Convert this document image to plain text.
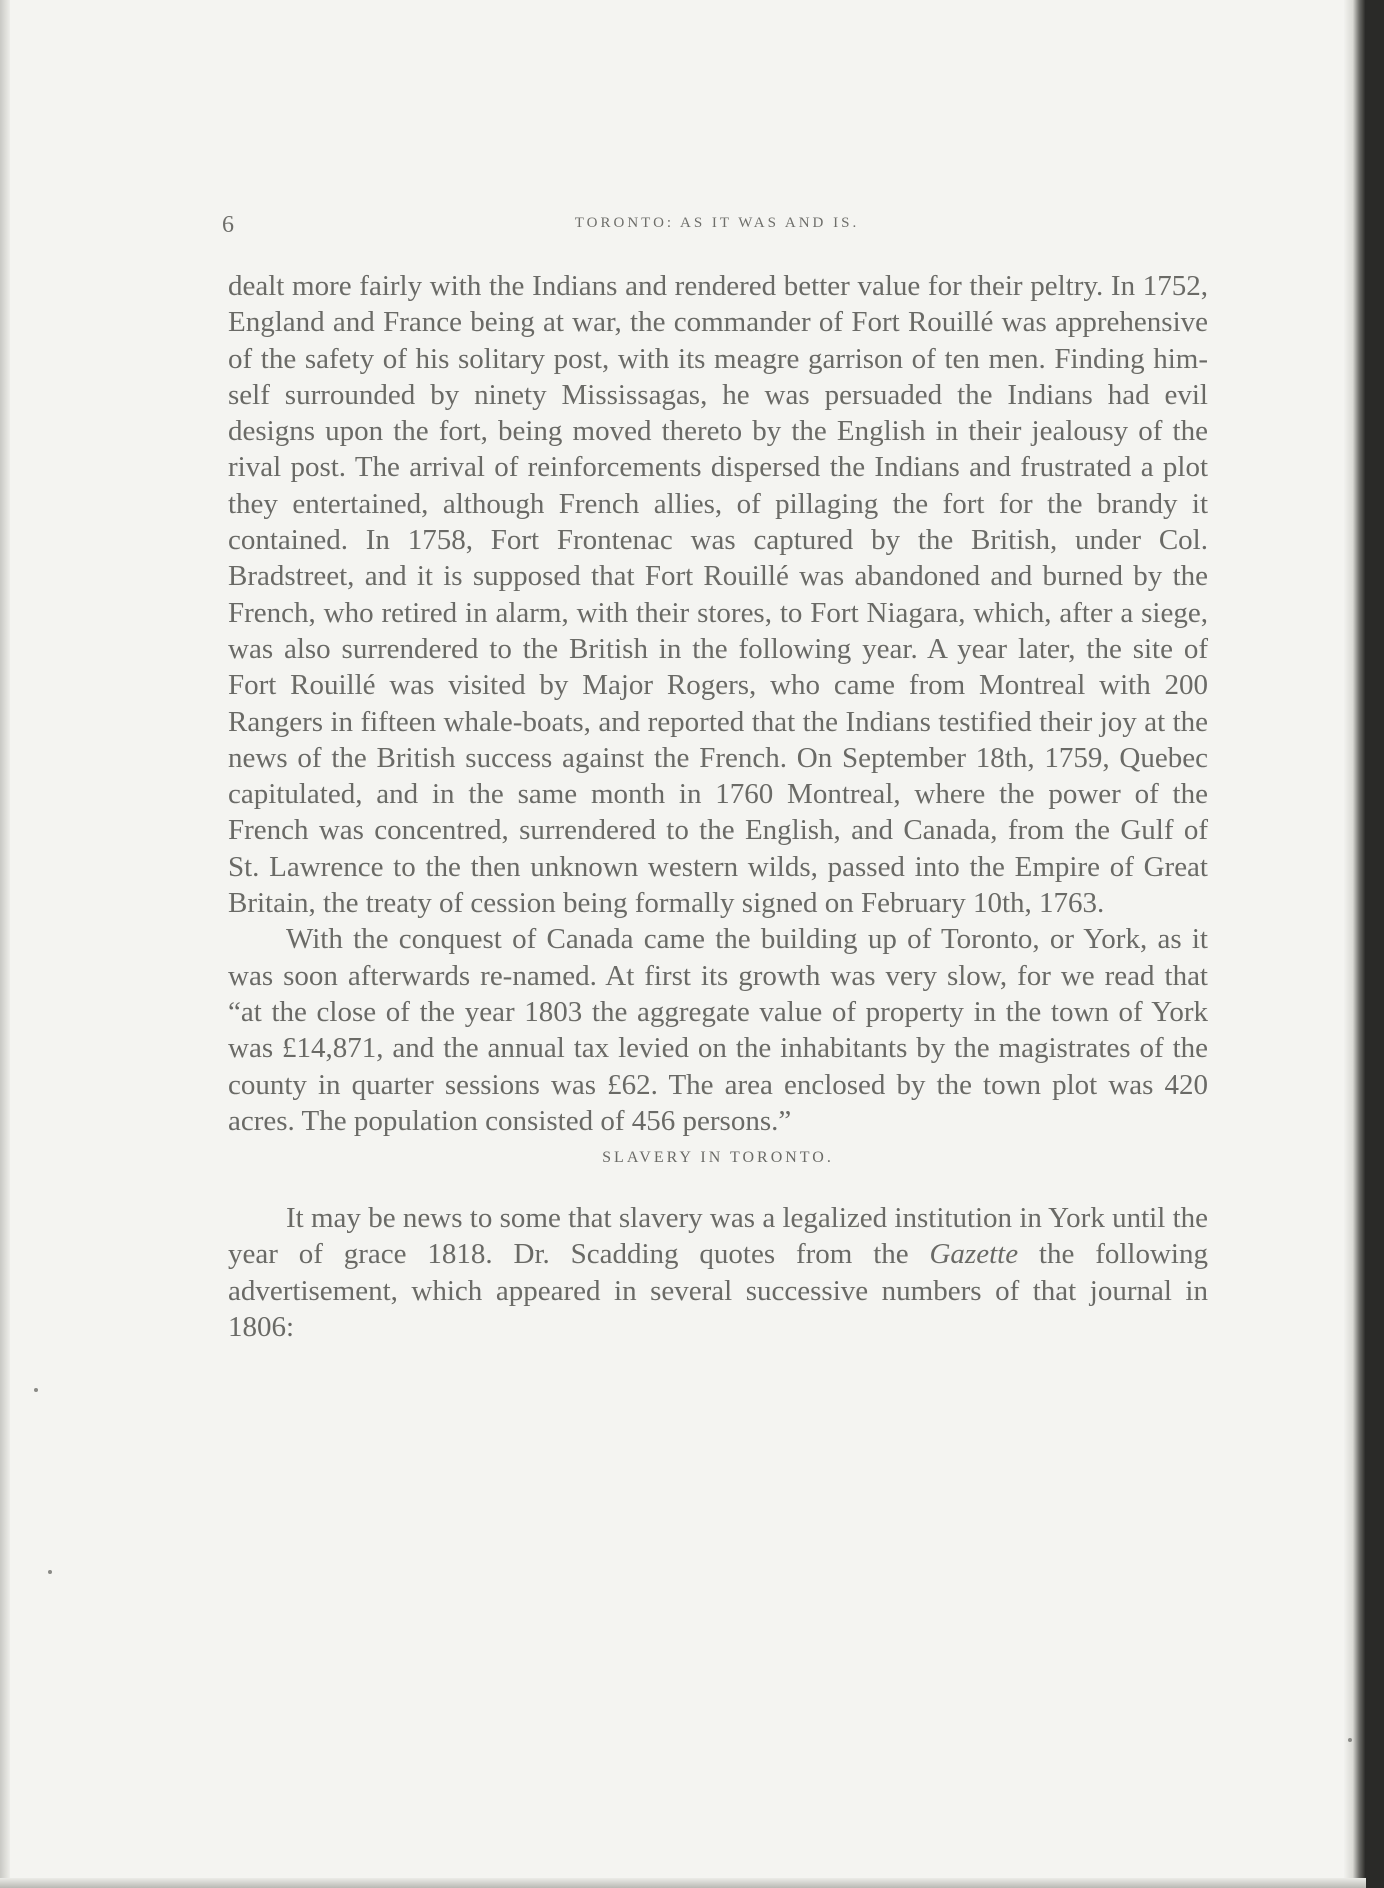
6	TORONTO: AS IT WAS AND IS.

dealt more fairly with the Indians and rendered better value for their peltry. In 1752, England and France being at war, the commander of Fort Rouillé was apprehensive of the safety of his solitary post, with its meagre garrison of ten men. Finding him-self surrounded by ninety Mississagas, he was persuaded the Indians had evil designs upon the fort, being moved thereto by the English in their jealousy of the rival post. The arrival of reinforcements dispersed the Indians and frustrated a plot they entertained, although French allies, of pillaging the fort for the brandy it contained. In 1758, Fort Frontenac was captured by the British, under Col. Bradstreet, and it is supposed that Fort Rouillé was abandoned and burned by the French, who retired in alarm, with their stores, to Fort Niagara, which, after a siege, was also surrendered to the British in the following year. A year later, the site of Fort Rouillé was visited by Major Rogers, who came from Montreal with 200 Rangers in fifteen whale-boats, and reported that the Indians testified their joy at the news of the British success against the French. On September 18th, 1759, Quebec capitulated, and in the same month in 1760 Montreal, where the power of the French was concentred, surrendered to the English, and Canada, from the Gulf of St. Lawrence to the then unknown western wilds, passed into the Empire of Great Britain, the treaty of cession being formally signed on February 10th, 1763.

With the conquest of Canada came the building up of Toronto, or York, as it was soon afterwards re-named. At first its growth was very slow, for we read that “at the close of the year 1803 the aggregate value of property in the town of York was £14,871, and the annual tax levied on the inhabitants by the magistrates of the county in quarter sessions was £62. The area enclosed by the town plot was 420 acres. The population consisted of 456 persons.”

SLAVERY IN TORONTO.

It may be news to some that slavery was a legalized institution in York until the year of grace 1818. Dr. Scadding quotes from the Gazette the following advertisement, which appeared in several successive numbers of that journal in 1806:
